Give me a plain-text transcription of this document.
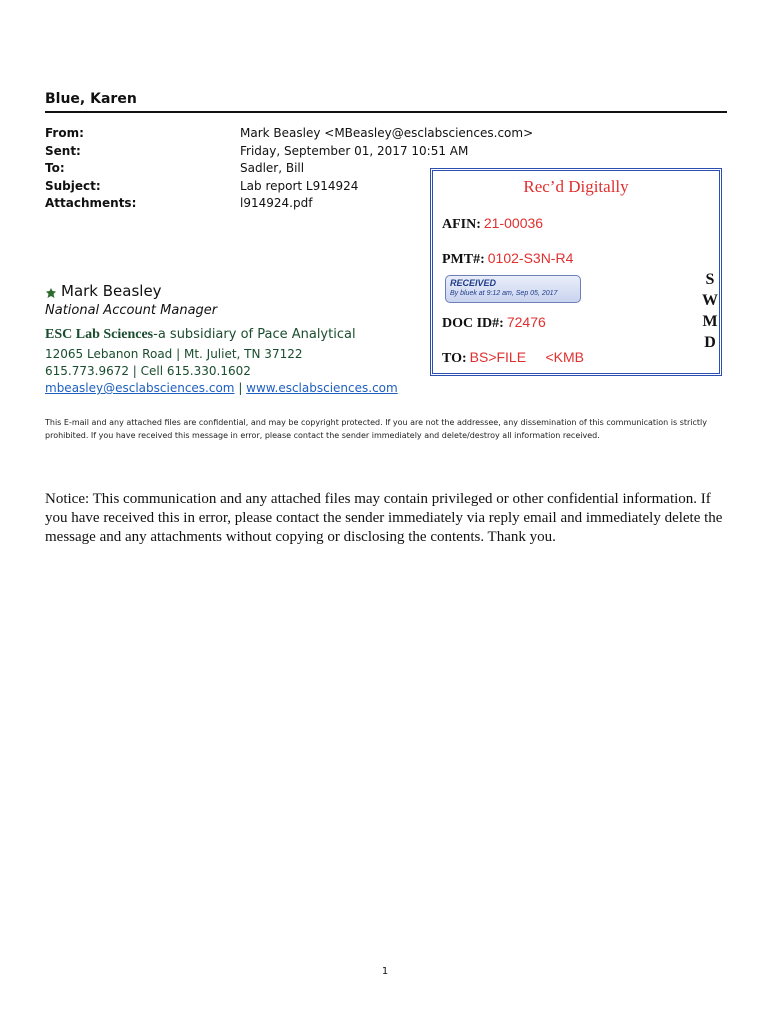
Blue, Karen
From:	Mark Beasley <MBeasley@esclabsciences.com>
Sent:	Friday, September 01, 2017 10:51 AM
To:	Sadler, Bill
Subject:	Lab report L914924
Attachments:	l914924.pdf
Mark Beasley
National Account Manager
ESC Lab Sciences-a subsidiary of Pace Analytical
12065 Lebanon Road | Mt. Juliet, TN 37122
615.773.9672 | Cell 615.330.1602
mbeasley@esclabsciences.com | www.esclabsciences.com
Rec’d Digitally
AFIN: 21-00036
PMT#: 0102-S3N-R4
RECEIVED
By bluek at 9:12 am, Sep 05, 2017
DOC ID#: 72476
TO: BS>FILE     <KMB
S
W
M
D
This E-mail and any attached files are confidential, and may be copyright protected. If you are not the addressee, any dissemination of this communication is strictly prohibited. If you have received this message in error, please contact the sender immediately and delete/destroy all information received.
Notice: This communication and any attached files may contain privileged or other confidential information. If you have received this in error, please contact the sender immediately via reply email and immediately delete the message and any attachments without copying or disclosing the contents. Thank you.
1
